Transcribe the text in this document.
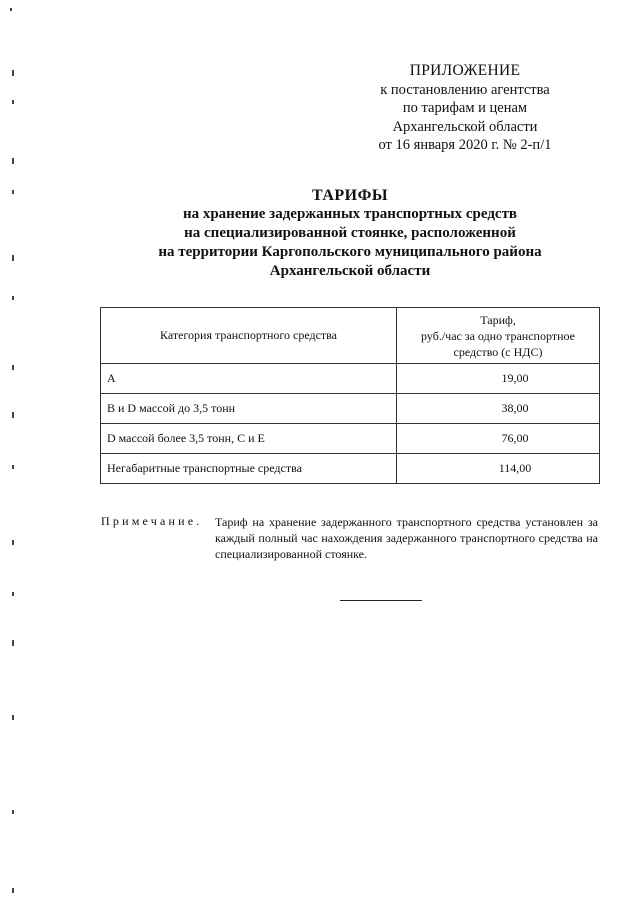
ПРИЛОЖЕНИЕ
к постановлению агентства
по тарифам и ценам
Архангельской области
от 16 января 2020 г. № 2-п/1
ТАРИФЫ
на хранение задержанных транспортных средств
на специализированной стоянке, расположенной
на территории Каргопольского муниципального района
Архангельской области
Категория транспортного средства	Тариф,
руб./час за одно транспортное
средство (с НДС)

А	19,00
В и D массой до 3,5 тонн	38,00
D массой более 3,5 тонн, С и Е	76,00
Негабаритные транспортные средства	114,00
Примечание. Тариф на хранение задержанного транспортного средства установлен за каждый полный час нахождения задержанного транспортного средства на специализированной стоянке.
